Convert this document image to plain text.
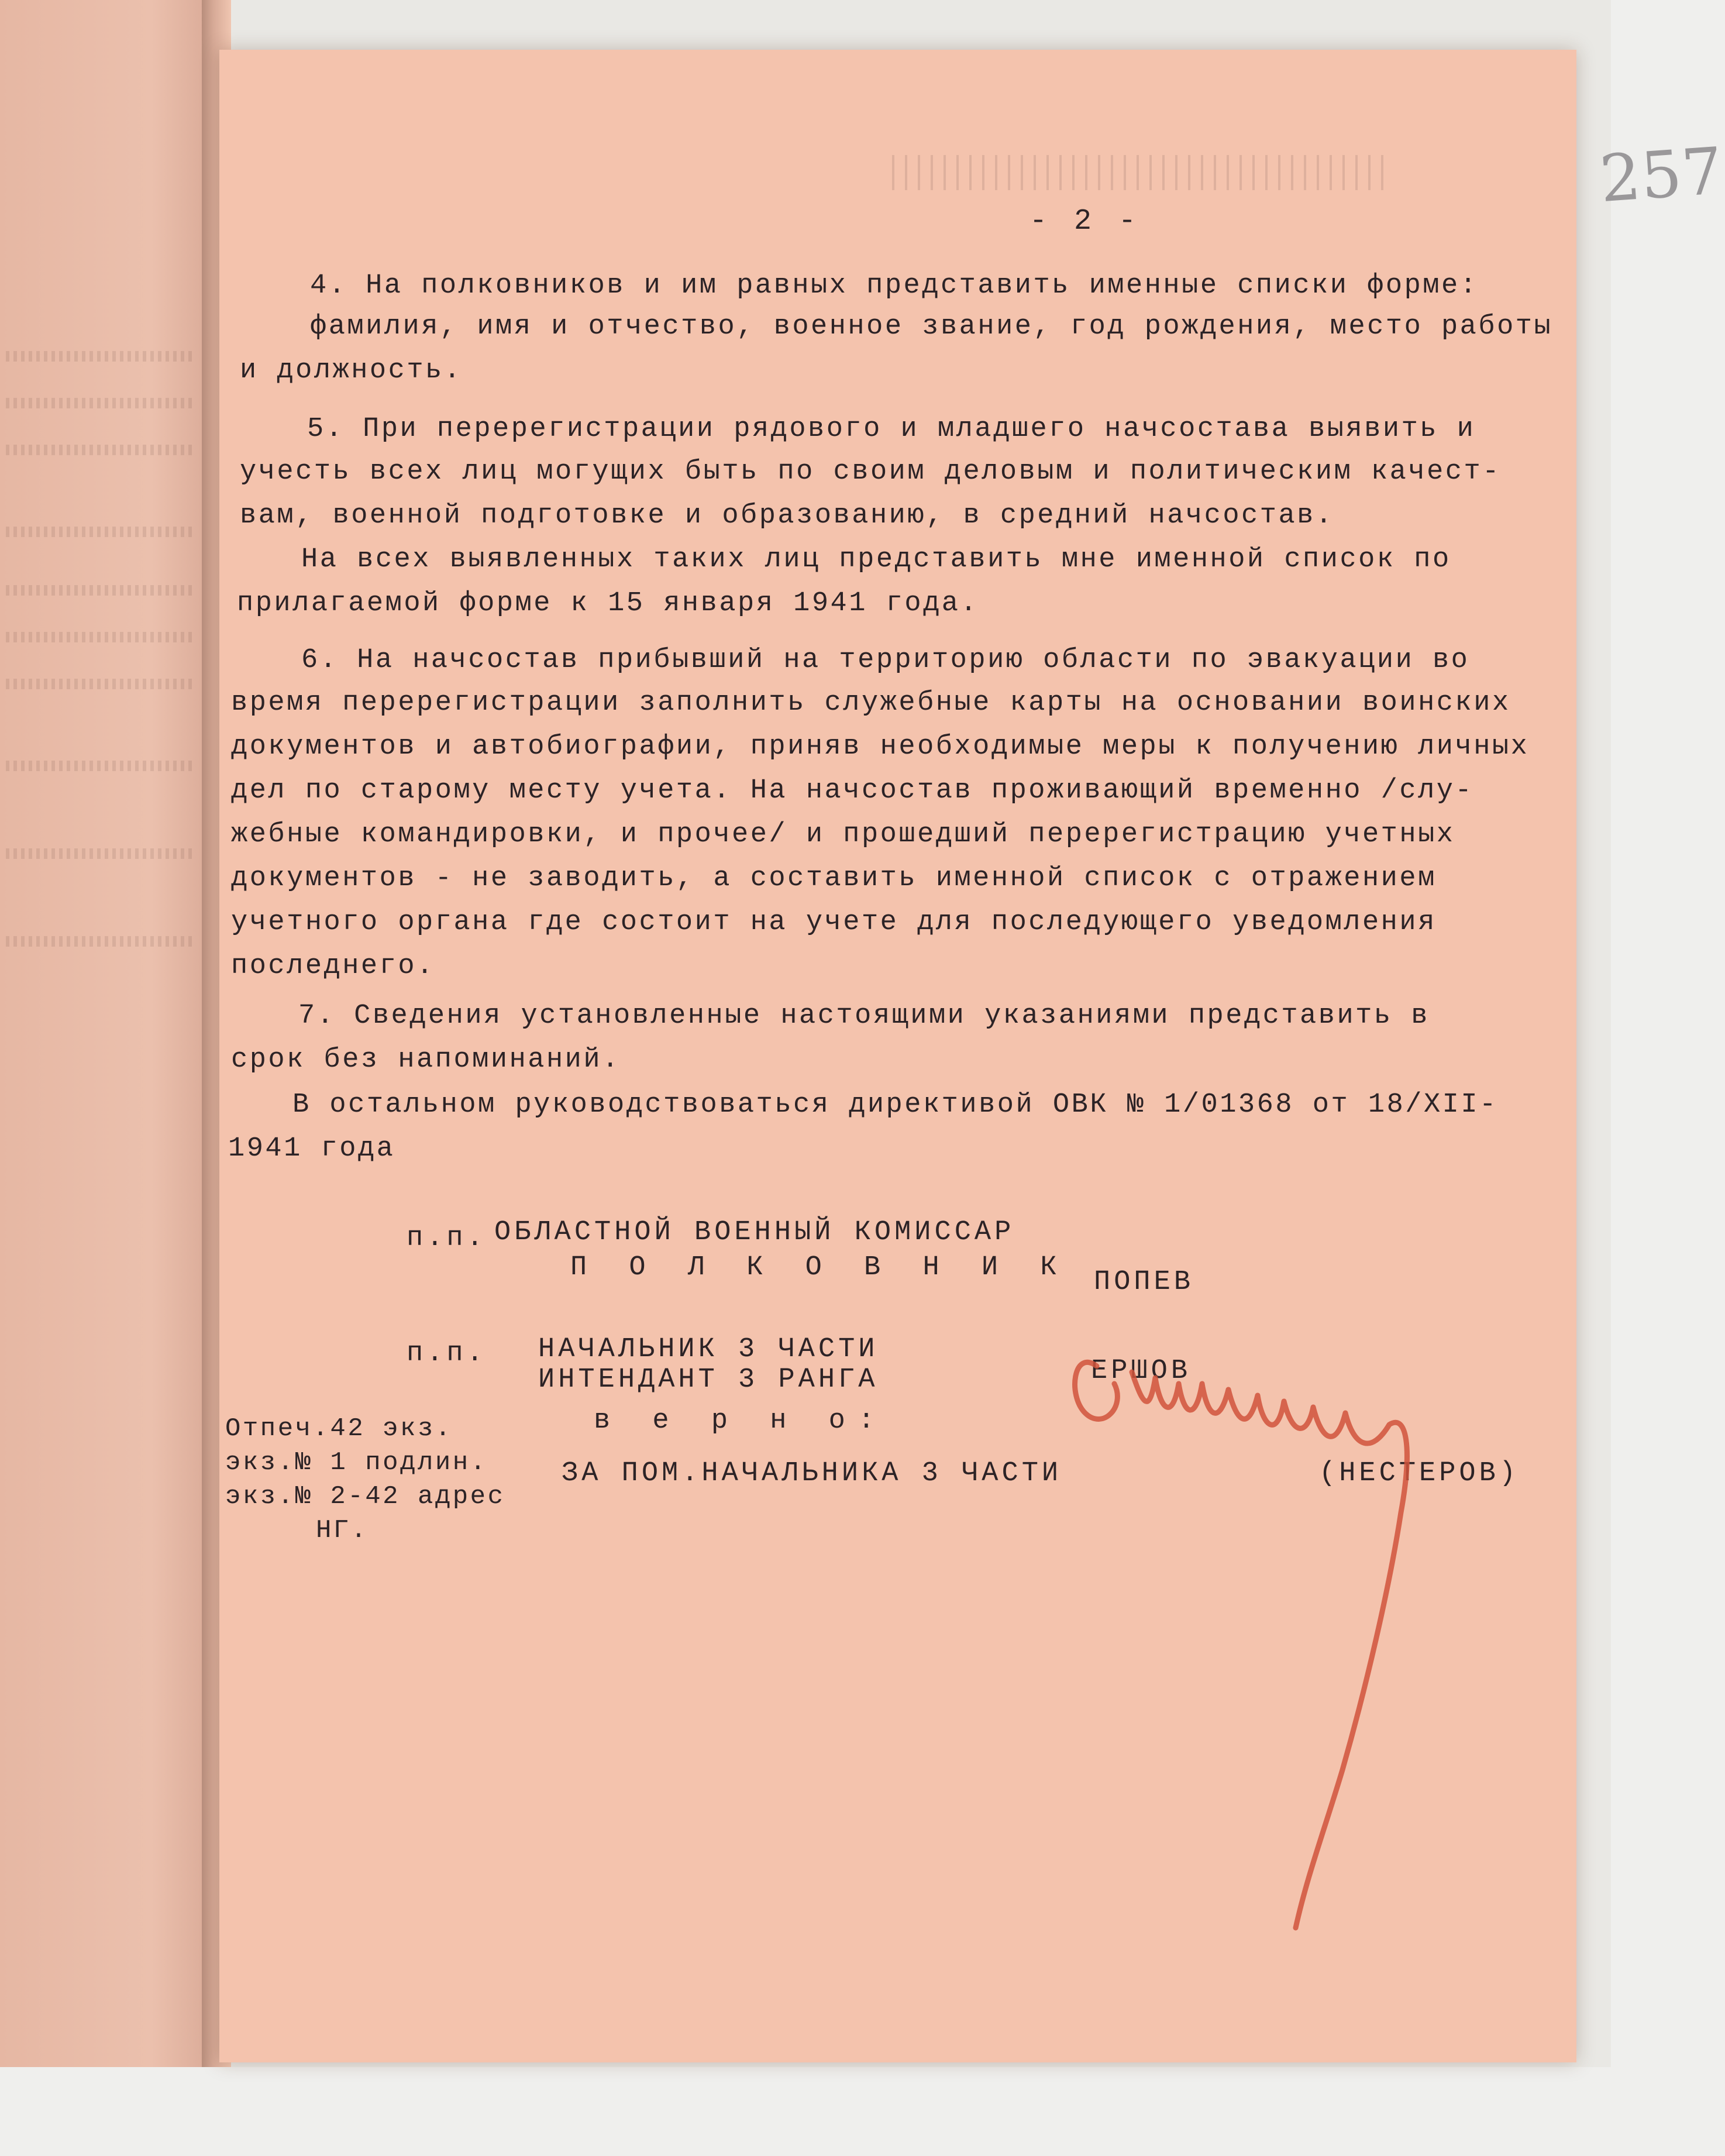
257
- 2 -
4. На полковников и им равных представить именные списки форме:
фамилия, имя и отчество, военное звание, год рождения, место работы
и должность.
5. При перерегистрации рядового и младшего начсостава выявить и
учесть всех лиц могущих быть по своим деловым и политическим качест-
вам, военной подготовке и образованию, в средний начсостав.
На всех выявленных таких лиц представить мне именной список по
прилагаемой форме к 15 января 1941 года.
6. На начсостав прибывший на территорию области по эвакуации во
время перерегистрации заполнить служебные карты на основании воинских
документов и автобиографии, приняв необходимые меры к получению личных
дел по старому месту учета. На начсостав проживающий временно /слу-
жебные командировки, и прочее/ и прошедший перерегистрацию учетных
документов - не заводить, а составить именной список с отражением
учетного органа где состоит на учете для последующего уведомления
последнего.
7. Сведения установленные настоящими указаниями представить в
срок без напоминаний.
В остальном руководствоваться директивой ОВК № 1/01368 от 18/XII-
1941 года
п.п. ОБЛАСТНОЙ ВОЕННЫЙ КОМИССАР
П О Л К О В Н И К ПОПЕВ
п.п. НАЧАЛЬНИК 3 ЧАСТИ
ИНТЕНДАНТ 3 РАНГА	ЕРШОВ
в е р н о:
ЗА ПОМ.НАЧАЛЬНИКА 3 ЧАСТИ	(НЕСТЕРОВ)
Отпеч.42 экз.
экз.№ 1 подлин.
экз.№ 2-42 адрес
НГ.
